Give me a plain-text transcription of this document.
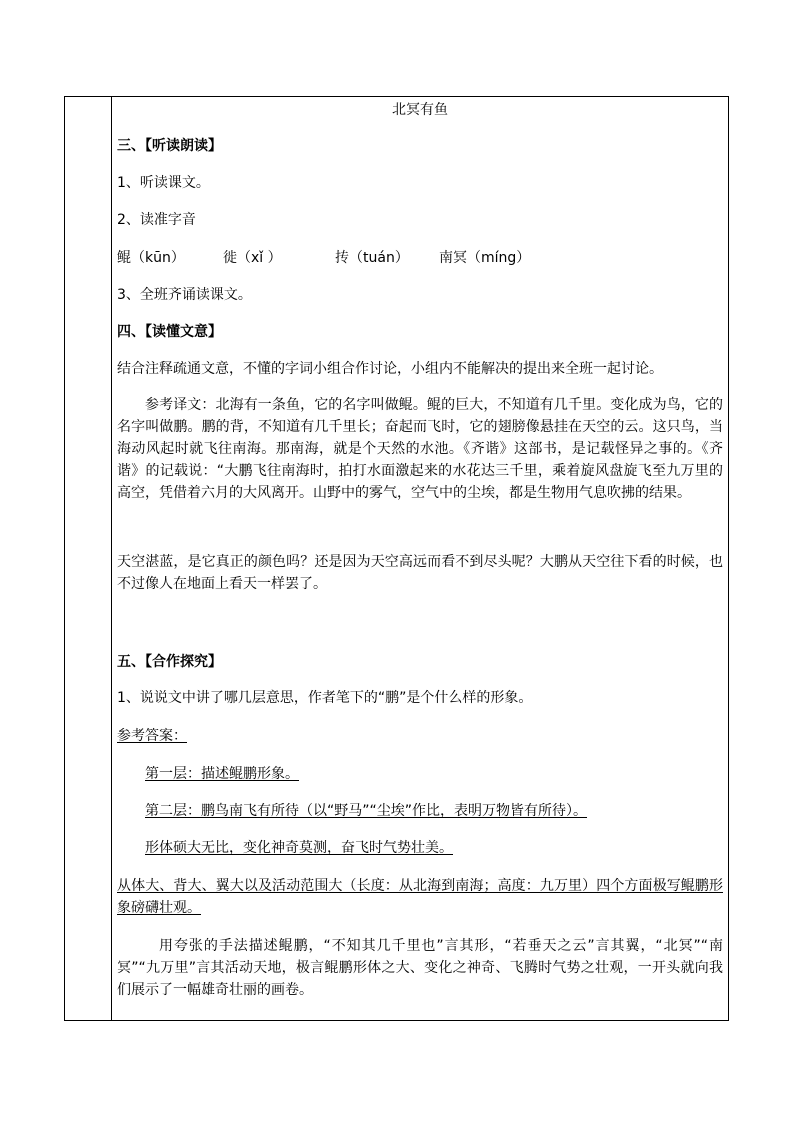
北冥有鱼
三、【听读朗读】
1、听读课文。
2、读准字音
鲲（kūn）	徙（xǐ ）	抟（tuán） 南冥（míng）
3、全班齐诵读课文。
四、【读懂文意】
结合注释疏通文意，不懂的字词小组合作讨论，小组内不能解决的提出来全班一起讨论。
参考译文：北海有一条鱼，它的名字叫做鲲。鲲的巨大，不知道有几千里。变化成为鸟，它的名字叫做鹏。鹏的背，不知道有几千里长；奋起而飞时，它的翅膀像悬挂在天空的云。这只鸟，当海动风起时就飞往南海。那南海，就是个天然的水池。《齐谐》这部书，是记载怪异之事的。《齐谐》的记载说：“大鹏飞往南海时，拍打水面激起来的水花达三千里，乘着旋风盘旋飞至九万里的高空，凭借着六月的大风离开。山野中的雾气，空气中的尘埃，都是生物用气息吹拂的结果。
天空湛蓝，是它真正的颜色吗？还是因为天空高远而看不到尽头呢？大鹏从天空往下看的时候，也不过像人在地面上看天一样罢了。
五、【合作探究】
1、说说文中讲了哪几层意思，作者笔下的“鹏”是个什么样的形象。
参考答案：
第一层：描述鲲鹏形象。
第二层：鹏鸟南飞有所待（以“野马”“尘埃”作比，表明万物皆有所待）。
形体硕大无比，变化神奇莫测，奋飞时气势壮美。
从体大、背大、翼大以及活动范围大（长度：从北海到南海；高度：九万里）四个方面极写鲲鹏形象磅礴壮观。
用夸张的手法描述鲲鹏，“不知其几千里也”言其形，“若垂天之云”言其翼，“北冥”“南冥”“九万里”言其活动天地，极言鲲鹏形体之大、变化之神奇、飞腾时气势之壮观，一开头就向我们展示了一幅雄奇壮丽的画卷。
